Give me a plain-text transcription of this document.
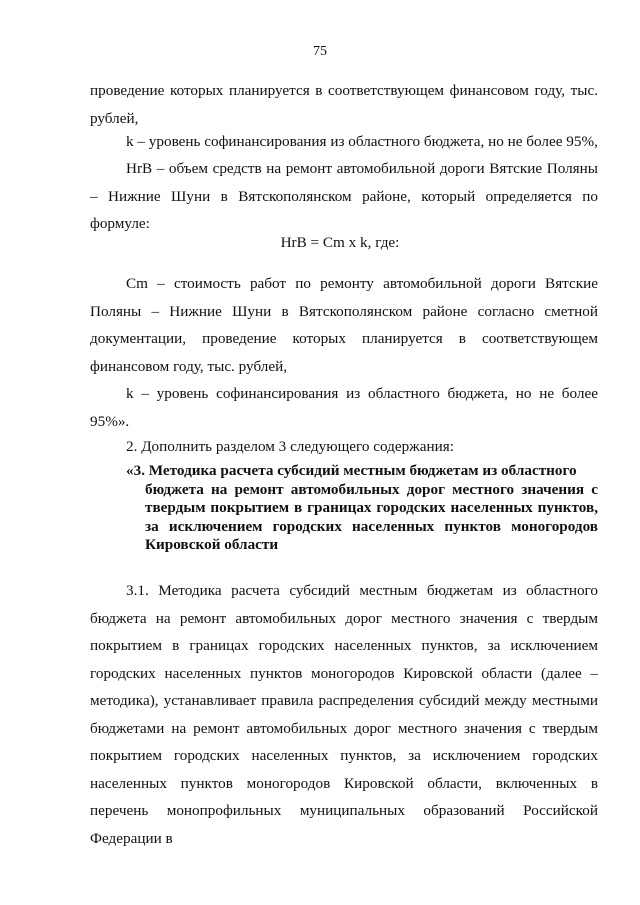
75

проведение которых планируется в соответствующем финансовом году, тыс. рублей,

k – уровень софинансирования из областного бюджета, но не более 95%,

НrВ – объем средств на ремонт автомобильной дороги Вятские Поляны – Нижние Шуни в Вятскополянском районе, который определяется по формуле:

НrВ = Cm x k, где:

Cm – стоимость работ по ремонту автомобильной дороги Вятские Поляны – Нижние Шуни в Вятскополянском районе согласно сметной документации, проведение которых планируется в соответствующем финансовом году, тыс. рублей,

k – уровень софинансирования из областного бюджета, но не более 95%».

2. Дополнить разделом 3 следующего содержания:

«3. Методика расчета субсидий местным бюджетам из областного
бюджета на ремонт автомобильных дорог местного значения с твердым покрытием в границах городских населенных пунктов, за исключением городских населенных пунктов моногородов Кировской области

3.1. Методика расчета субсидий местным бюджетам из областного бюджета на ремонт автомобильных дорог местного значения с твердым покрытием в границах городских населенных пунктов, за исключением городских населенных пунктов моногородов Кировской области (далее – методика), устанавливает правила распределения субсидий между местными бюджетами на ремонт автомобильных дорог местного значения с твердым покрытием городских населенных пунктов, за исключением городских населенных пунктов моногородов Кировской области, включенных в перечень монопрофильных муниципальных образований Российской Федерации в
